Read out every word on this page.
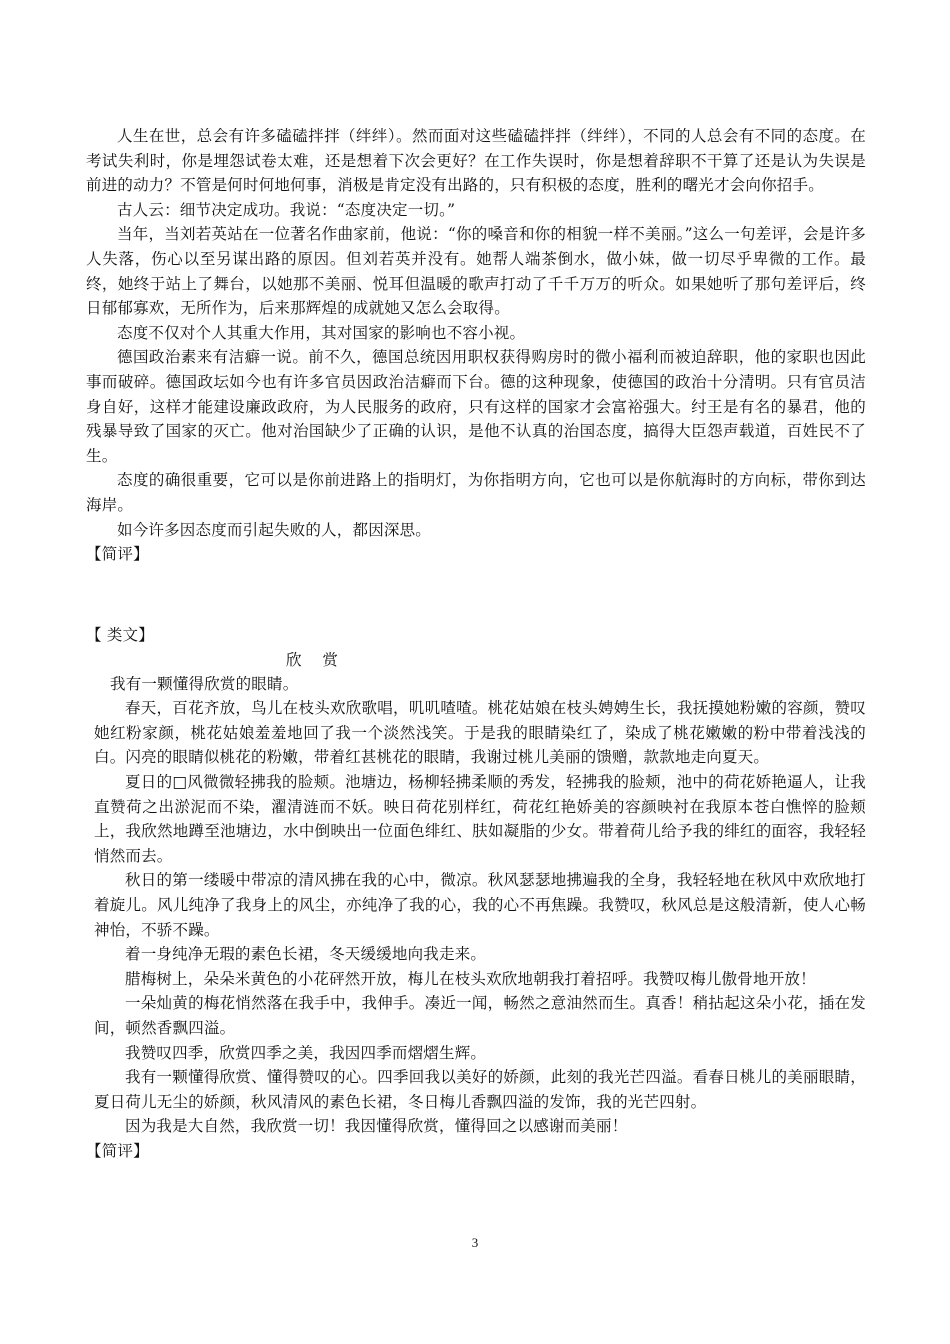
人生在世，总会有许多磕磕拌拌（绊绊）。然而面对这些磕磕拌拌（绊绊），不同的人总会有不同的态度。在考试失利时，你是埋怨试卷太难，还是想着下次会更好？在工作失误时，你是想着辞职不干算了还是认为失误是前进的动力？不管是何时何地何事，消极是肯定没有出路的，只有积极的态度，胜利的曙光才会向你招手。

古人云：细节决定成功。我说：“态度决定一切。”

当年，当刘若英站在一位著名作曲家前，他说：“你的嗓音和你的相貌一样不美丽。”这么一句差评，会是许多人失落，伤心以至另谋出路的原因。但刘若英并没有。她帮人端茶倒水，做小妹，做一切尽乎卑微的工作。最终，她终于站上了舞台，以她那不美丽、悦耳但温暖的歌声打动了千千万万的听众。如果她听了那句差评后，终日郁郁寡欢，无所作为，后来那辉煌的成就她又怎么会取得。

态度不仅对个人其重大作用，其对国家的影响也不容小视。

德国政治素来有洁癖一说。前不久，德国总统因用职权获得购房时的微小福利而被迫辞职，他的家职也因此事而破碎。德国政坛如今也有许多官员因政治洁癖而下台。德的这种现象，使德国的政治十分清明。只有官员洁身自好，这样才能建设廉政政府，为人民服务的政府，只有这样的国家才会富裕强大。纣王是有名的暴君，他的残暴导致了国家的灭亡。他对治国缺少了正确的认识，是他不认真的治国态度，搞得大臣怨声载道，百姓民不了生。

态度的确很重要，它可以是你前进路上的指明灯，为你指明方向，它也可以是你航海时的方向标，带你到达海岸。

如今许多因态度而引起失败的人，都因深思。

【简评】

【 类文】

欣 赏

我有一颗懂得欣赏的眼睛。

春天，百花齐放，鸟儿在枝头欢欣歌唱，叽叽喳喳。桃花姑娘在枝头娉娉生长，我抚摸她粉嫩的容颜，赞叹她红粉家颜，桃花姑娘羞羞地回了我一个淡然浅笑。于是我的眼睛染红了，染成了桃花嫩嫩的粉中带着浅浅的白。闪亮的眼睛似桃花的粉嫩，带着红甚桃花的眼睛，我谢过桃儿美丽的馈赠，款款地走向夏天。

夏日的□风微微轻拂我的脸颊。池塘边，杨柳轻拂柔顺的秀发，轻拂我的脸颊，池中的荷花娇艳逼人，让我直赞荷之出淤泥而不染，濯清涟而不妖。映日荷花别样红，荷花红艳娇美的容颜映衬在我原本苍白憔悴的脸颊上，我欣然地蹲至池塘边，水中倒映出一位面色绯红、肤如凝脂的少女。带着荷儿给予我的绯红的面容，我轻轻悄然而去。

秋日的第一缕暖中带凉的清风拂在我的心中，微凉。秋风瑟瑟地拂遍我的全身，我轻轻地在秋风中欢欣地打着旋儿。风儿纯净了我身上的风尘，亦纯净了我的心，我的心不再焦躁。我赞叹，秋风总是这般清新，使人心畅神怡，不骄不躁。

着一身纯净无瑕的素色长裙，冬天缓缓地向我走来。

腊梅树上，朵朵米黄色的小花砰然开放，梅儿在枝头欢欣地朝我打着招呼。我赞叹梅儿傲骨地开放！

一朵灿黄的梅花悄然落在我手中，我伸手。凑近一闻，畅然之意油然而生。真香！稍拈起这朵小花，插在发间，顿然香飘四溢。

我赞叹四季，欣赏四季之美，我因四季而熠熠生辉。

我有一颗懂得欣赏、懂得赞叹的心。四季回我以美好的娇颜，此刻的我光芒四溢。看春日桃儿的美丽眼睛，夏日荷儿无尘的娇颜，秋风清风的素色长裙，冬日梅儿香飘四溢的发饰，我的光芒四射。

因为我是大自然，我欣赏一切！我因懂得欣赏，懂得回之以感谢而美丽！

【简评】

3
